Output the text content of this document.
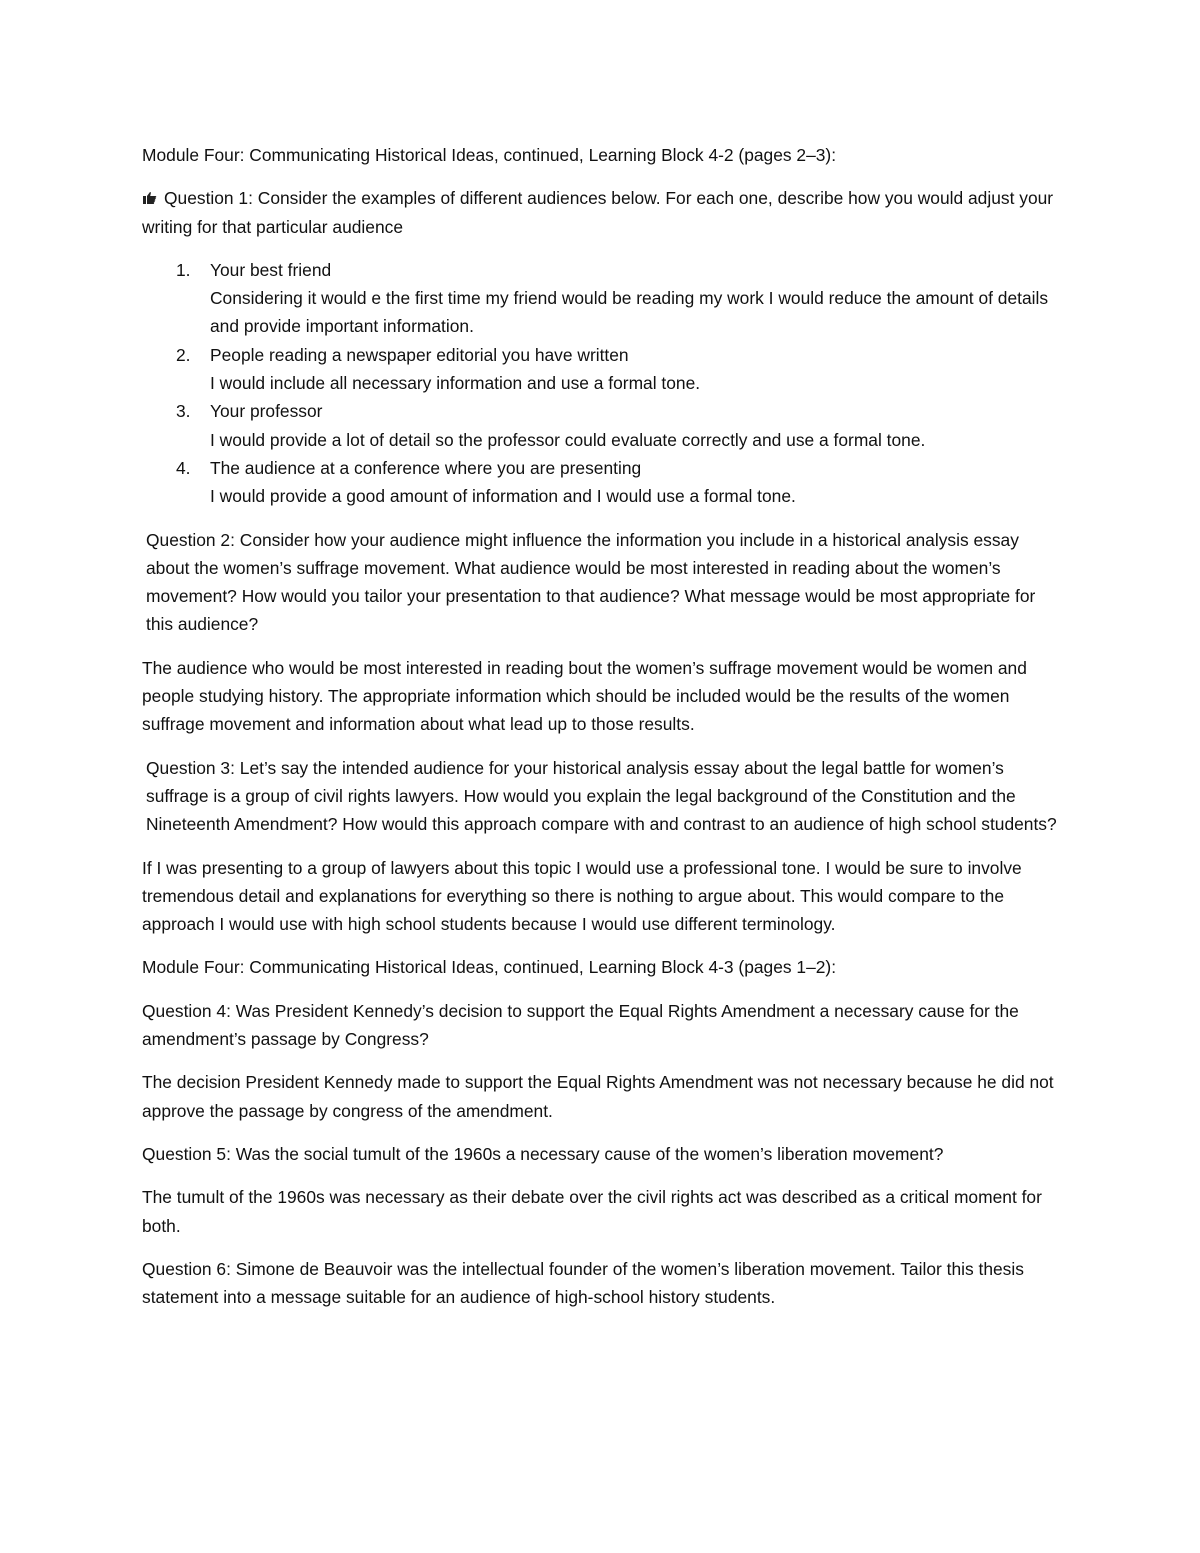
Module Four: Communicating Historical Ideas, continued, Learning Block 4-2 (pages 2–3):

Question 1: Consider the examples of different audiences below. For each one, describe how you would adjust your writing for that particular audience

1. Your best friend
Considering it would e the first time my friend would be reading my work I would reduce the amount of details and provide important information.
2. People reading a newspaper editorial you have written
I would include all necessary information and use a formal tone.
3. Your professor
I would provide a lot of detail so the professor could evaluate correctly and use a formal tone.
4. The audience at a conference where you are presenting
I would provide a good amount of information and I would use a formal tone.

Question 2: Consider how your audience might influence the information you include in a historical analysis essay about the women’s suffrage movement. What audience would be most interested in reading about the women’s movement? How would you tailor your presentation to that audience? What message would be most appropriate for this audience?

The audience who would be most interested in reading bout the women’s suffrage movement would be women and people studying history. The appropriate information which should be included would be the results of the women suffrage movement and information about what lead up to those results.

Question 3: Let’s say the intended audience for your historical analysis essay about the legal battle for women’s suffrage is a group of civil rights lawyers. How would you explain the legal background of the Constitution and the Nineteenth Amendment? How would this approach compare with and contrast to an audience of high school students?

If I was presenting to a group of lawyers about this topic I would use a professional tone. I would be sure to involve tremendous detail and explanations for everything so there is nothing to argue about. This would compare to the approach I would use with high school students because I would use different terminology.

Module Four: Communicating Historical Ideas, continued, Learning Block 4-3 (pages 1–2):

Question 4: Was President Kennedy’s decision to support the Equal Rights Amendment a necessary cause for the amendment’s passage by Congress?

The decision President Kennedy made to support the Equal Rights Amendment was not necessary because he did not approve the passage by congress of the amendment.

Question 5: Was the social tumult of the 1960s a necessary cause of the women’s liberation movement?

The tumult of the 1960s was necessary as their debate over the civil rights act was described as a critical moment for both.

Question 6: Simone de Beauvoir was the intellectual founder of the women’s liberation movement. Tailor this thesis statement into a message suitable for an audience of high-school history students.
